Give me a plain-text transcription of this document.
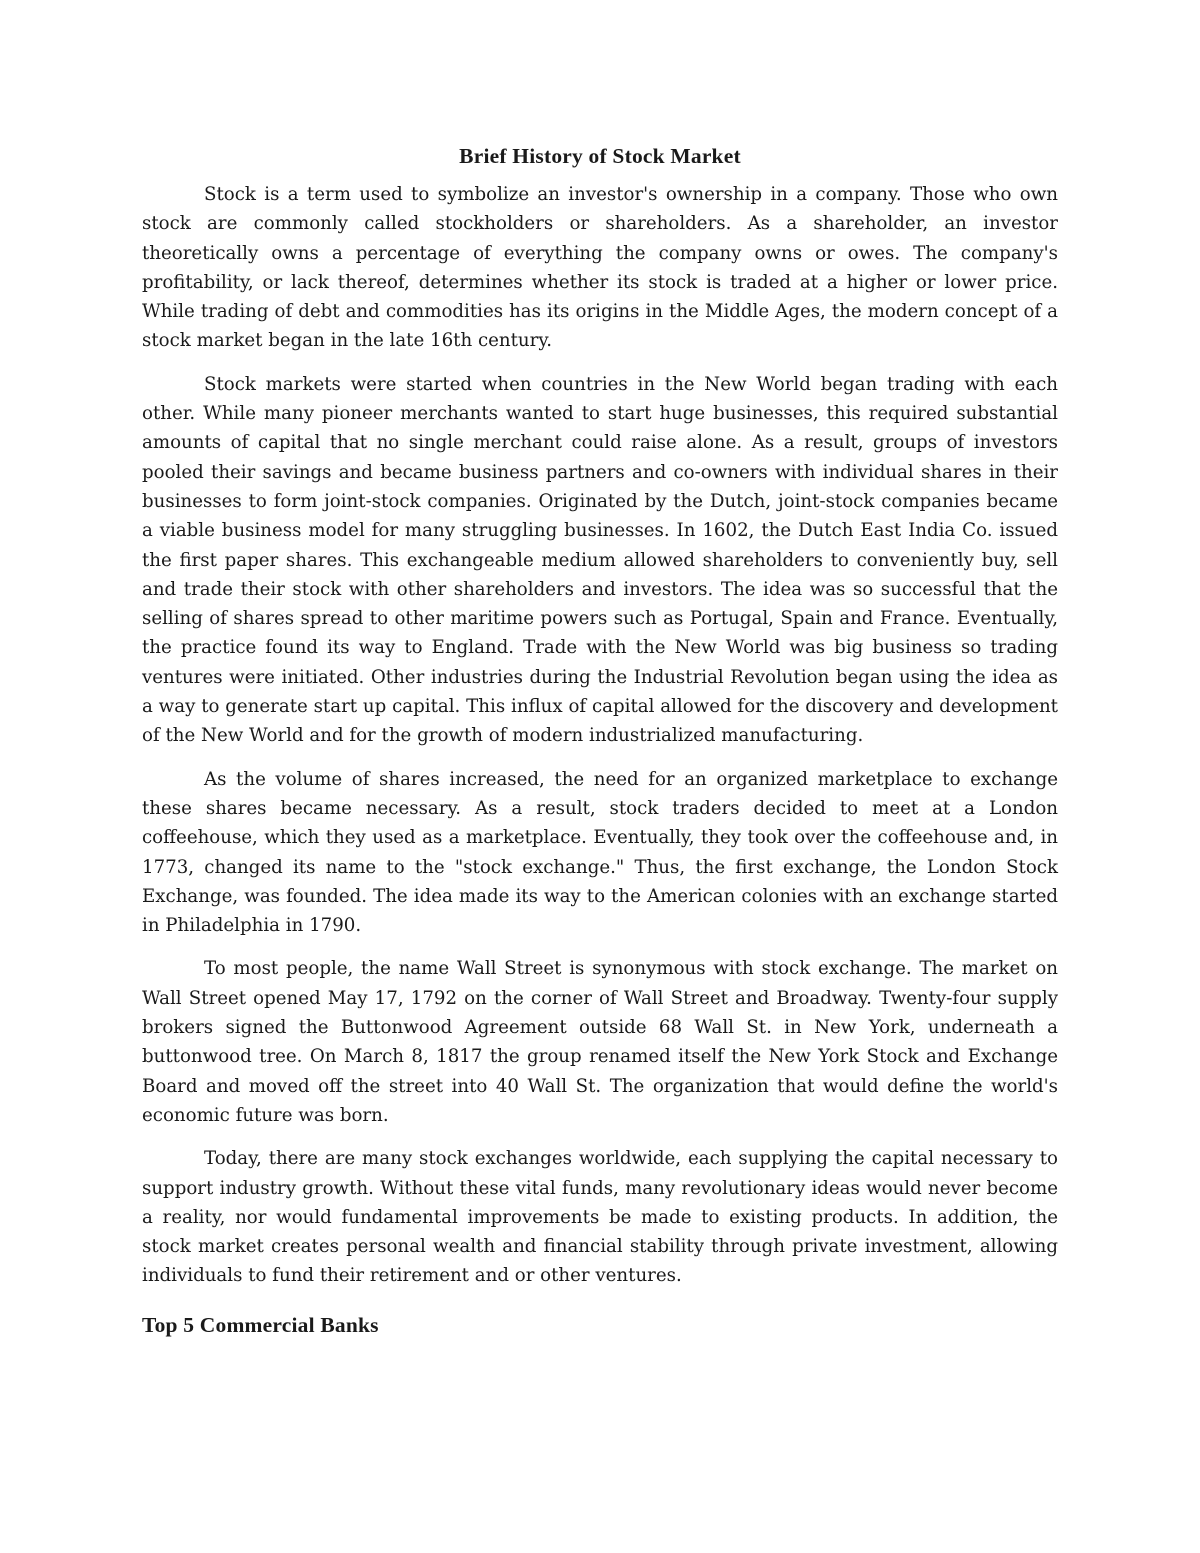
Brief History of Stock Market

Stock is a term used to symbolize an investor's ownership in a company. Those who own stock are commonly called stockholders or shareholders. As a shareholder, an investor theoretically owns a percentage of everything the company owns or owes. The company's profitability, or lack thereof, determines whether its stock is traded at a higher or lower price. While trading of debt and commodities has its origins in the Middle Ages, the modern concept of a stock market began in the late 16th century.

Stock markets were started when countries in the New World began trading with each other. While many pioneer merchants wanted to start huge businesses, this required substantial amounts of capital that no single merchant could raise alone. As a result, groups of investors pooled their savings and became business partners and co-owners with individual shares in their businesses to form joint-stock companies. Originated by the Dutch, joint-stock companies became a viable business model for many struggling businesses. In 1602, the Dutch East India Co. issued the first paper shares. This exchangeable medium allowed shareholders to conveniently buy, sell and trade their stock with other shareholders and investors. The idea was so successful that the selling of shares spread to other maritime powers such as Portugal, Spain and France. Eventually, the practice found its way to England. Trade with the New World was big business so trading ventures were initiated. Other industries during the Industrial Revolution began using the idea as a way to generate start up capital. This influx of capital allowed for the discovery and development of the New World and for the growth of modern industrialized manufacturing.

As the volume of shares increased, the need for an organized marketplace to exchange these shares became necessary. As a result, stock traders decided to meet at a London coffeehouse, which they used as a marketplace. Eventually, they took over the coffeehouse and, in 1773, changed its name to the "stock exchange." Thus, the first exchange, the London Stock Exchange, was founded. The idea made its way to the American colonies with an exchange started in Philadelphia in 1790.

To most people, the name Wall Street is synonymous with stock exchange. The market on Wall Street opened May 17, 1792 on the corner of Wall Street and Broadway. Twenty-four supply brokers signed the Buttonwood Agreement outside 68 Wall St. in New York, underneath a buttonwood tree. On March 8, 1817 the group renamed itself the New York Stock and Exchange Board and moved off the street into 40 Wall St. The organization that would define the world's economic future was born.

Today, there are many stock exchanges worldwide, each supplying the capital necessary to support industry growth. Without these vital funds, many revolutionary ideas would never become a reality, nor would fundamental improvements be made to existing products. In addition, the stock market creates personal wealth and financial stability through private investment, allowing individuals to fund their retirement and or other ventures.

Top 5 Commercial Banks
